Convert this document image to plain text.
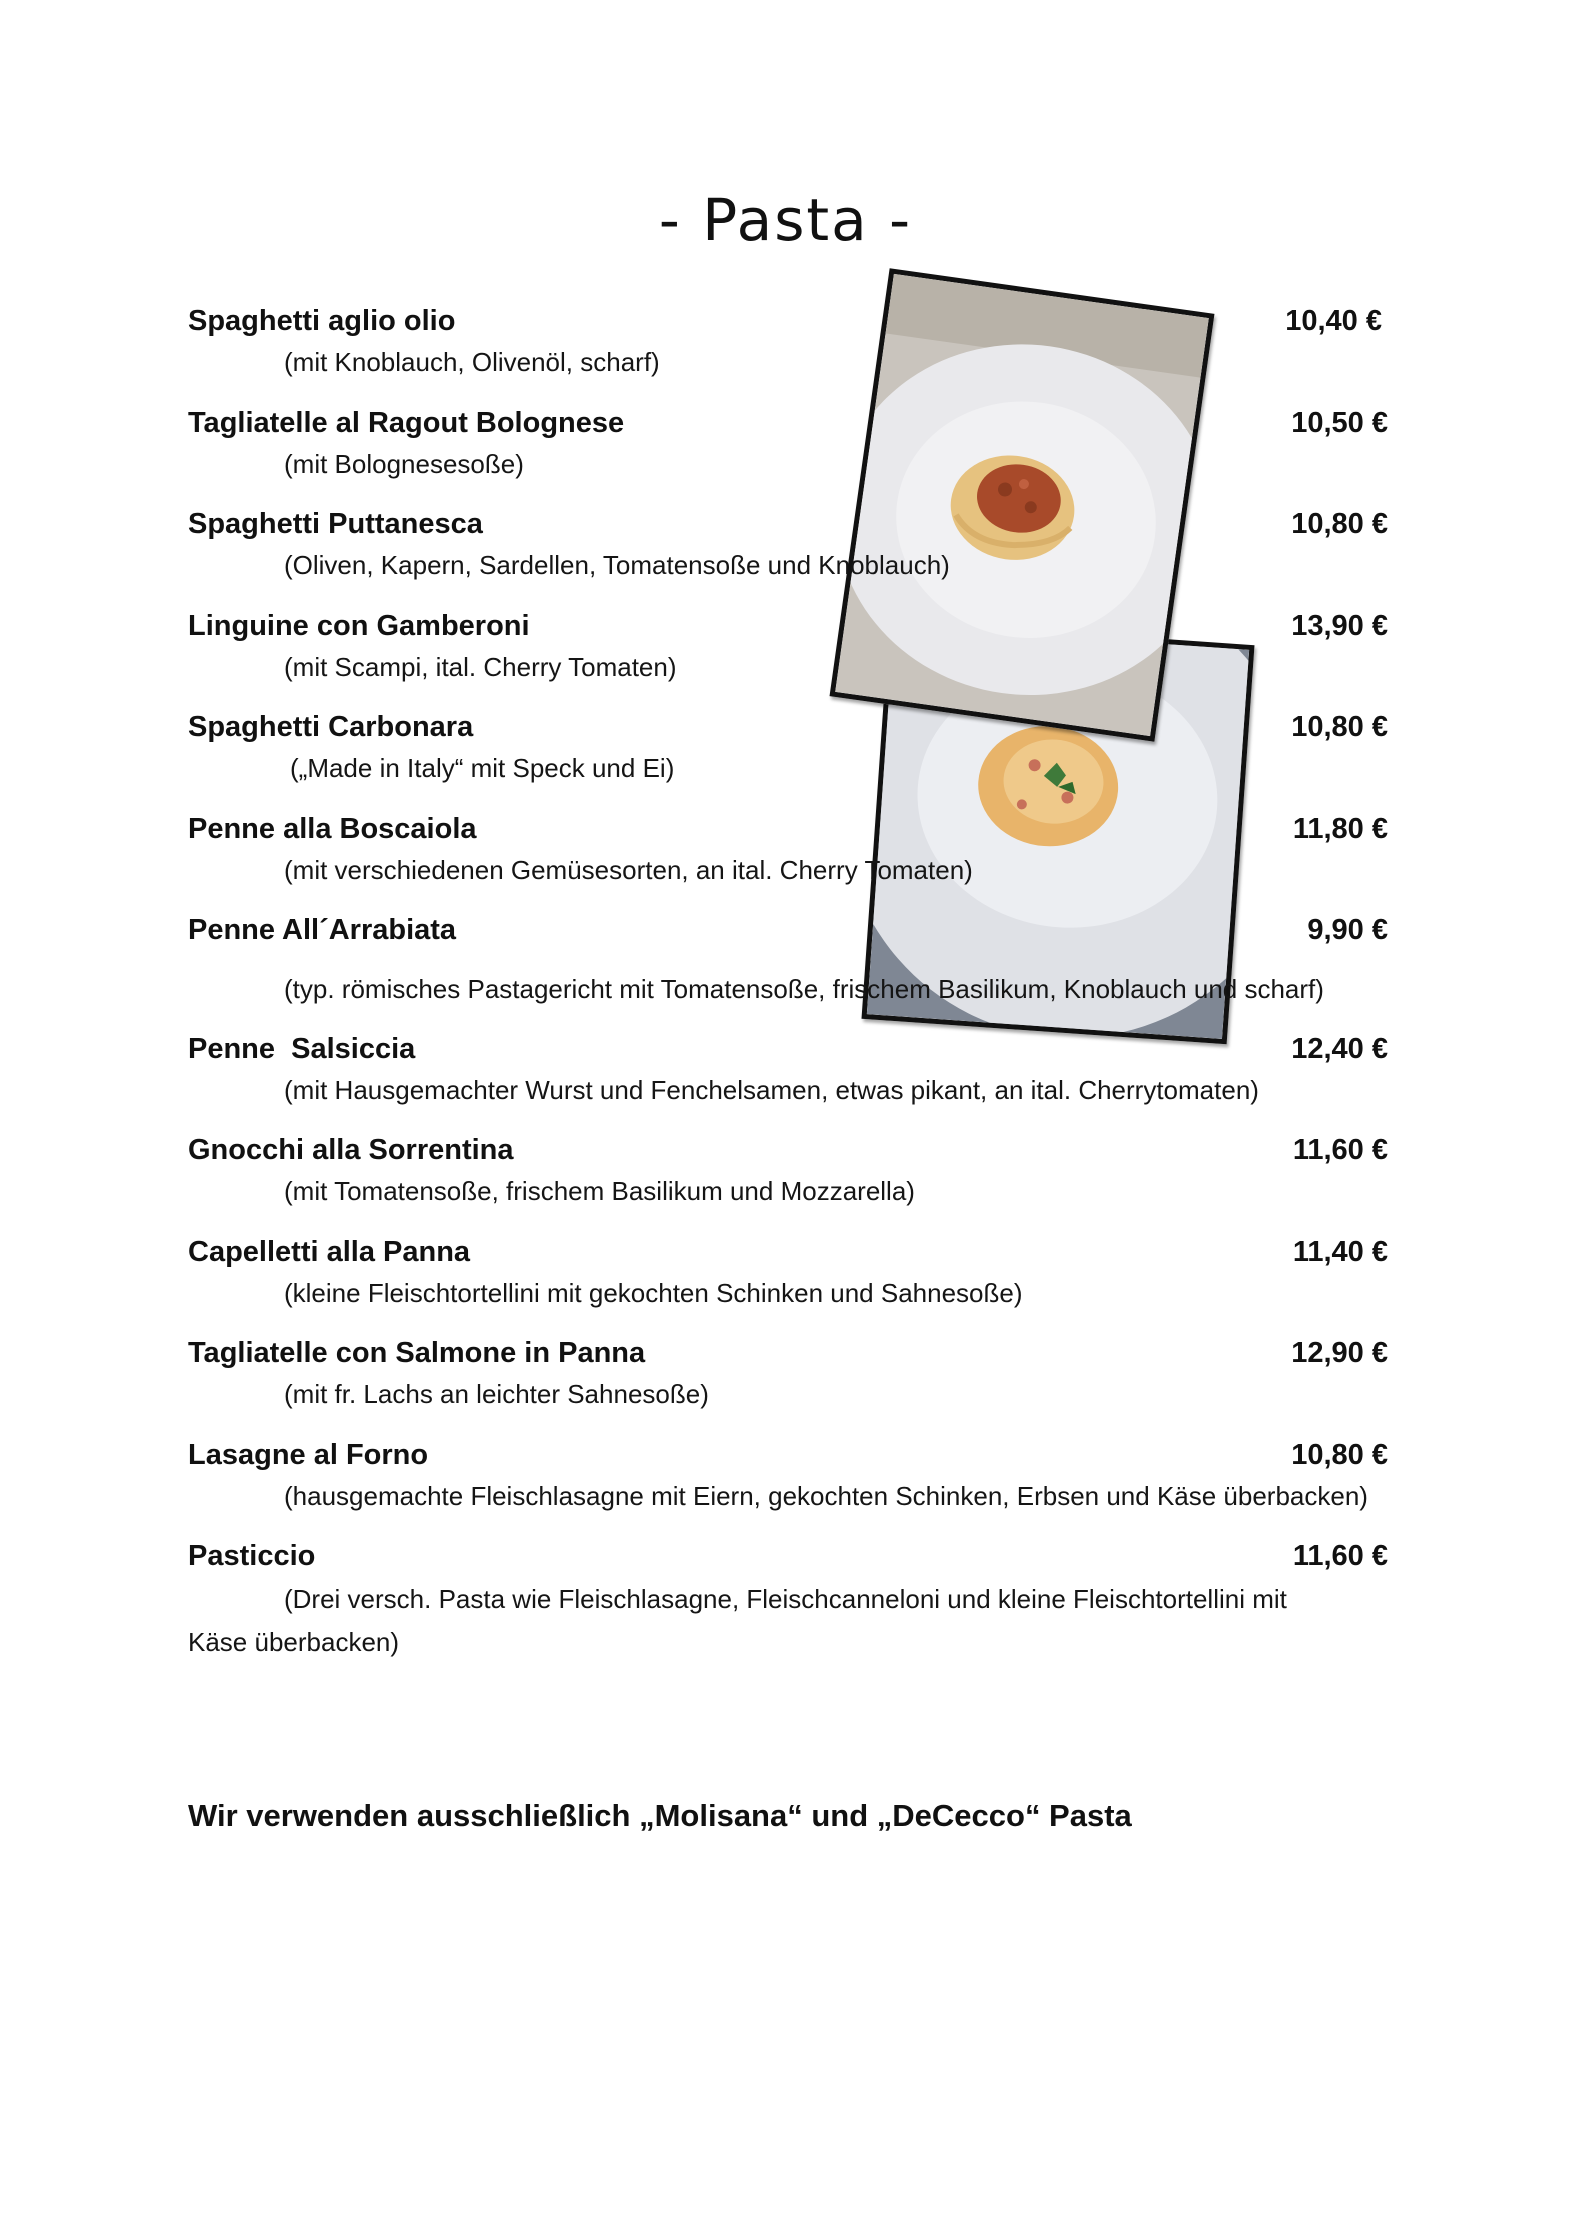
- Pasta -
Spaghetti aglio olio	10,40 €
(mit Knoblauch, Olivenöl, scharf)
Tagliatelle al Ragout Bolognese	10,50 €
(mit Bolognesesoße)
Spaghetti Puttanesca	10,80 €
(Oliven, Kapern, Sardellen, Tomatensoße und Knoblauch)
Linguine con Gamberoni	13,90 €
(mit Scampi, ital. Cherry Tomaten)
Spaghetti Carbonara	10,80 €
(„Made in Italy“ mit Speck und Ei)
Penne alla Boscaiola	11,80 €
(mit verschiedenen Gemüsesorten, an ital. Cherry Tomaten)
Penne All´Arrabiata	9,90 €
(typ. römisches Pastagericht mit Tomatensoße, frischem Basilikum, Knoblauch und scharf)
Penne  Salsiccia	12,40 €
(mit Hausgemachter Wurst und Fenchelsamen, etwas pikant, an ital. Cherrytomaten)
Gnocchi alla Sorrentina	11,60 €
(mit Tomatensoße, frischem Basilikum und Mozzarella)
Capelletti alla Panna	11,40 €
(kleine Fleischtortellini mit gekochten Schinken und Sahnesoße)
Tagliatelle con Salmone in Panna	12,90 €
(mit fr. Lachs an leichter Sahnesoße)
Lasagne al Forno	10,80 €
(hausgemachte Fleischlasagne mit Eiern, gekochten Schinken, Erbsen und Käse überbacken)
Pasticcio	11,60 €
(Drei versch. Pasta wie Fleischlasagne, Fleischcanneloni und kleine Fleischtortellini mit Käse überbacken)
Wir verwenden ausschließlich „Molisana“ und „DeCecco“ Pasta
